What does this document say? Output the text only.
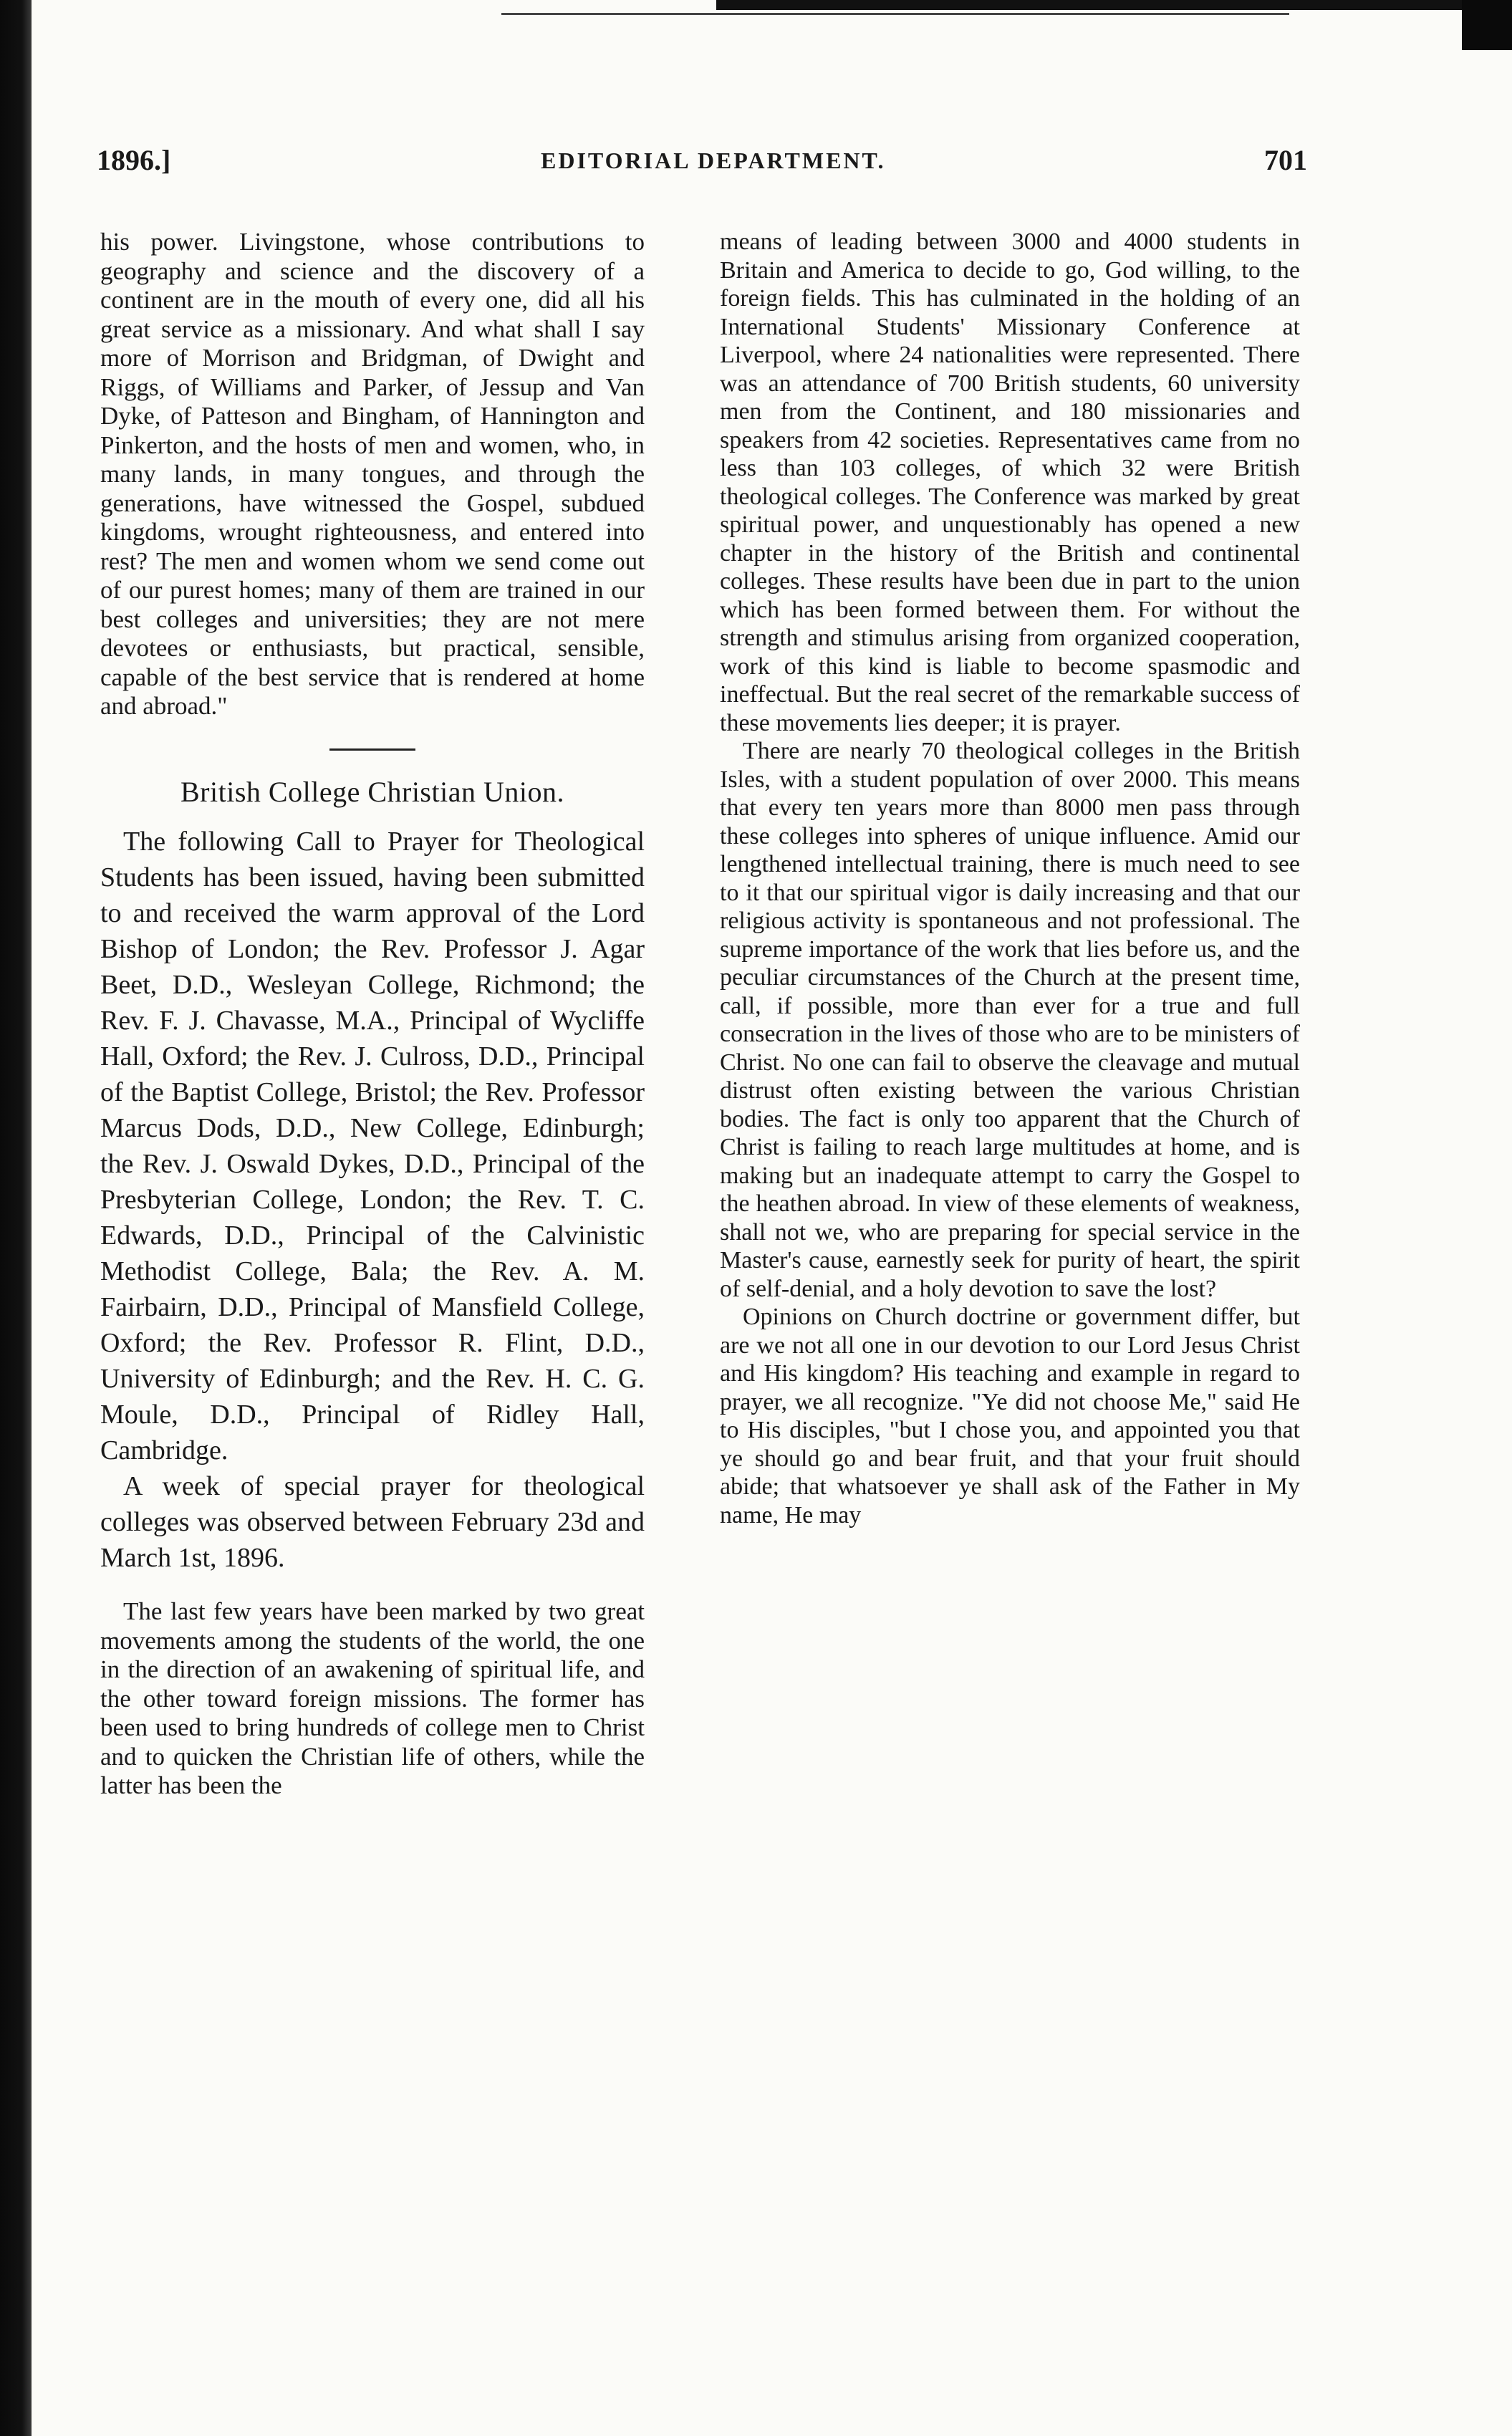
1896.]	EDITORIAL DEPARTMENT.	701

his power. Livingstone, whose contributions to geography and science and the discovery of a continent are in the mouth of every one, did all his great service as a missionary. And what shall I say more of Morrison and Bridgman, of Dwight and Riggs, of Williams and Parker, of Jessup and Van Dyke, of Patteson and Bingham, of Hannington and Pinkerton, and the hosts of men and women, who, in many lands, in many tongues, and through the generations, have witnessed the Gospel, subdued kingdoms, wrought righteousness, and entered into rest? The men and women whom we send come out of our purest homes; many of them are trained in our best colleges and universities; they are not mere devotees or enthusiasts, but practical, sensible, capable of the best service that is rendered at home and abroad."

British College Christian Union.

The following Call to Prayer for Theological Students has been issued, having been submitted to and received the warm approval of the Lord Bishop of London; the Rev. Professor J. Agar Beet, D.D., Wesleyan College, Richmond; the Rev. F. J. Chavasse, M.A., Principal of Wycliffe Hall, Oxford; the Rev. J. Culross, D.D., Principal of the Baptist College, Bristol; the Rev. Professor Marcus Dods, D.D., New College, Edinburgh; the Rev. J. Oswald Dykes, D.D., Principal of the Presbyterian College, London; the Rev. T. C. Edwards, D.D., Principal of the Calvinistic Methodist College, Bala; the Rev. A. M. Fairbairn, D.D., Principal of Mansfield College, Oxford; the Rev. Professor R. Flint, D.D., University of Edinburgh; and the Rev. H. C. G. Moule, D.D., Principal of Ridley Hall, Cambridge.

A week of special prayer for theological colleges was observed between February 23d and March 1st, 1896.

The last few years have been marked by two great movements among the students of the world, the one in the direction of an awakening of spiritual life, and the other toward foreign missions. The former has been used to bring hundreds of college men to Christ and to quicken the Christian life of others, while the latter has been the

means of leading between 3000 and 4000 students in Britain and America to decide to go, God willing, to the foreign fields. This has culminated in the holding of an International Students' Missionary Conference at Liverpool, where 24 nationalities were represented. There was an attendance of 700 British students, 60 university men from the Continent, and 180 missionaries and speakers from 42 societies. Representatives came from no less than 103 colleges, of which 32 were British theological colleges. The Conference was marked by great spiritual power, and unquestionably has opened a new chapter in the history of the British and continental colleges. These results have been due in part to the union which has been formed between them. For without the strength and stimulus arising from organized cooperation, work of this kind is liable to become spasmodic and ineffectual. But the real secret of the remarkable success of these movements lies deeper; it is prayer.

There are nearly 70 theological colleges in the British Isles, with a student population of over 2000. This means that every ten years more than 8000 men pass through these colleges into spheres of unique influence. Amid our lengthened intellectual training, there is much need to see to it that our spiritual vigor is daily increasing and that our religious activity is spontaneous and not professional. The supreme importance of the work that lies before us, and the peculiar circumstances of the Church at the present time, call, if possible, more than ever for a true and full consecration in the lives of those who are to be ministers of Christ. No one can fail to observe the cleavage and mutual distrust often existing between the various Christian bodies. The fact is only too apparent that the Church of Christ is failing to reach large multitudes at home, and is making but an inadequate attempt to carry the Gospel to the heathen abroad. In view of these elements of weakness, shall not we, who are preparing for special service in the Master's cause, earnestly seek for purity of heart, the spirit of self-denial, and a holy devotion to save the lost?

Opinions on Church doctrine or government differ, but are we not all one in our devotion to our Lord Jesus Christ and His kingdom? His teaching and example in regard to prayer, we all recognize. "Ye did not choose Me," said He to His disciples, "but I chose you, and appointed you that ye should go and bear fruit, and that your fruit should abide; that whatsoever ye shall ask of the Father in My name, He may
